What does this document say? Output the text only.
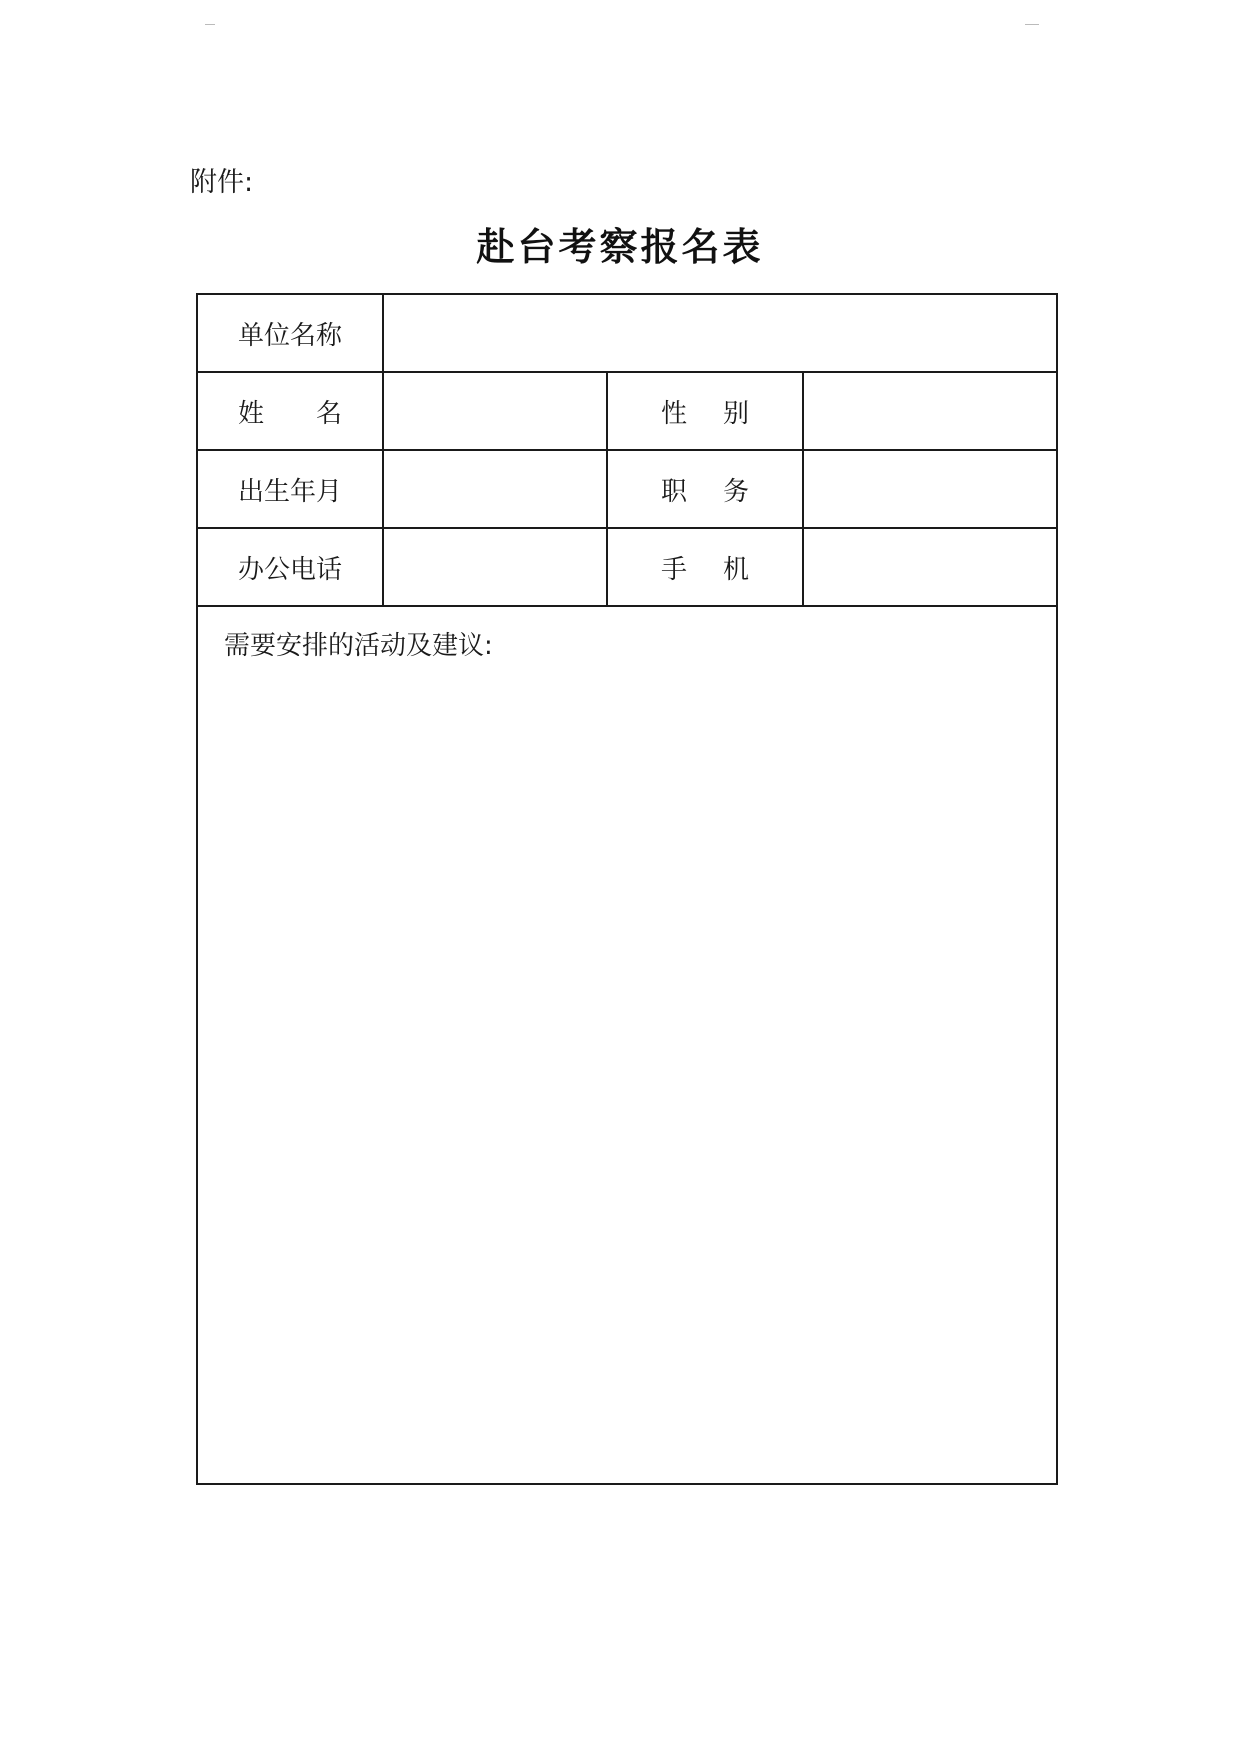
附件:
赴台考察报名表
单位名称			
姓 名		性 别	
出生年月		职 务	
办公电话		手 机	

需要安排的活动及建议:			
